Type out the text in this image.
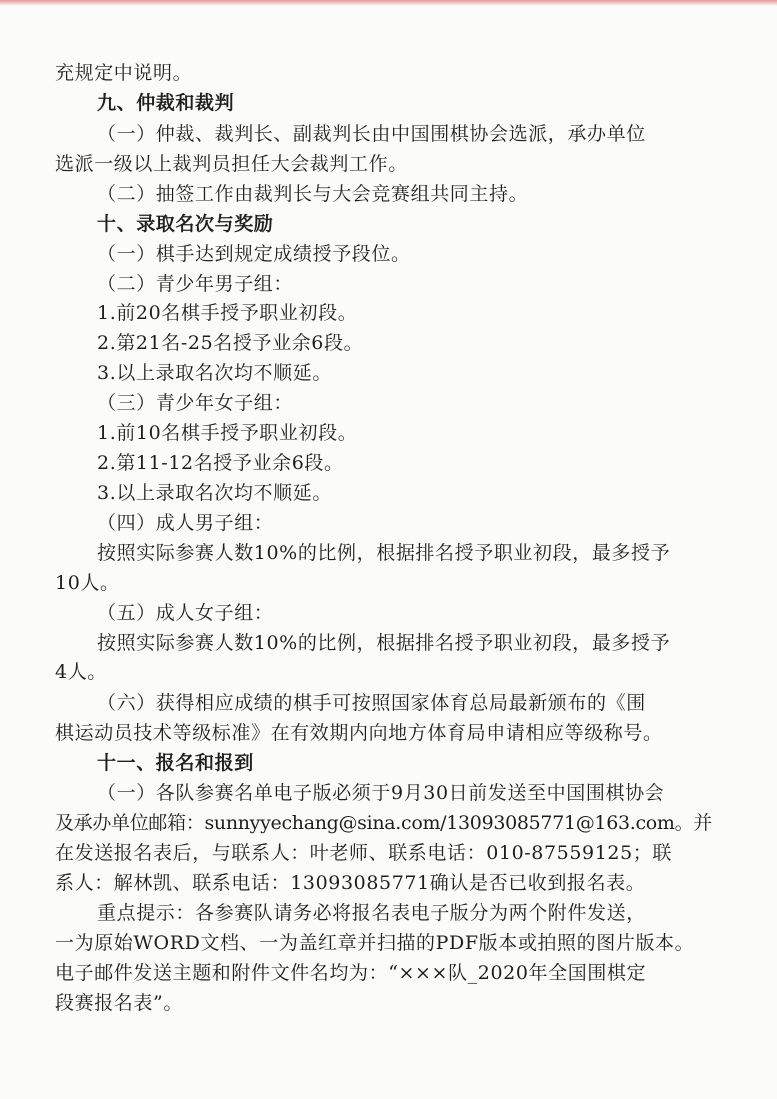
充规定中说明。
九、仲裁和裁判
（一）仲裁、裁判长、副裁判长由中国围棋协会选派，承办单位
选派一级以上裁判员担任大会裁判工作。
（二）抽签工作由裁判长与大会竞赛组共同主持。
十、录取名次与奖励
（一）棋手达到规定成绩授予段位。
（二）青少年男子组：
1.前20名棋手授予职业初段。
2.第21名-25名授予业余6段。
3.以上录取名次均不顺延。
（三）青少年女子组：
1.前10名棋手授予职业初段。
2.第11-12名授予业余6段。
3.以上录取名次均不顺延。
（四）成人男子组：
按照实际参赛人数10%的比例，根据排名授予职业初段，最多授予
10人。
（五）成人女子组：
按照实际参赛人数10%的比例，根据排名授予职业初段，最多授予
4人。
（六）获得相应成绩的棋手可按照国家体育总局最新颁布的《围
棋运动员技术等级标准》在有效期内向地方体育局申请相应等级称号。
十一、报名和报到
（一）各队参赛名单电子版必须于9月30日前发送至中国围棋协会
及承办单位邮箱：sunnyyechang@sina.com/13093085771@163.com。并
在发送报名表后，与联系人：叶老师、联系电话：010-87559125；联
系人：解林凯、联系电话：13093085771确认是否已收到报名表。
重点提示：各参赛队请务必将报名表电子版分为两个附件发送，
一为原始WORD文档、一为盖红章并扫描的PDF版本或拍照的图片版本。
电子邮件发送主题和附件文件名均为：“×××队_2020年全国围棋定
段赛报名表”。
